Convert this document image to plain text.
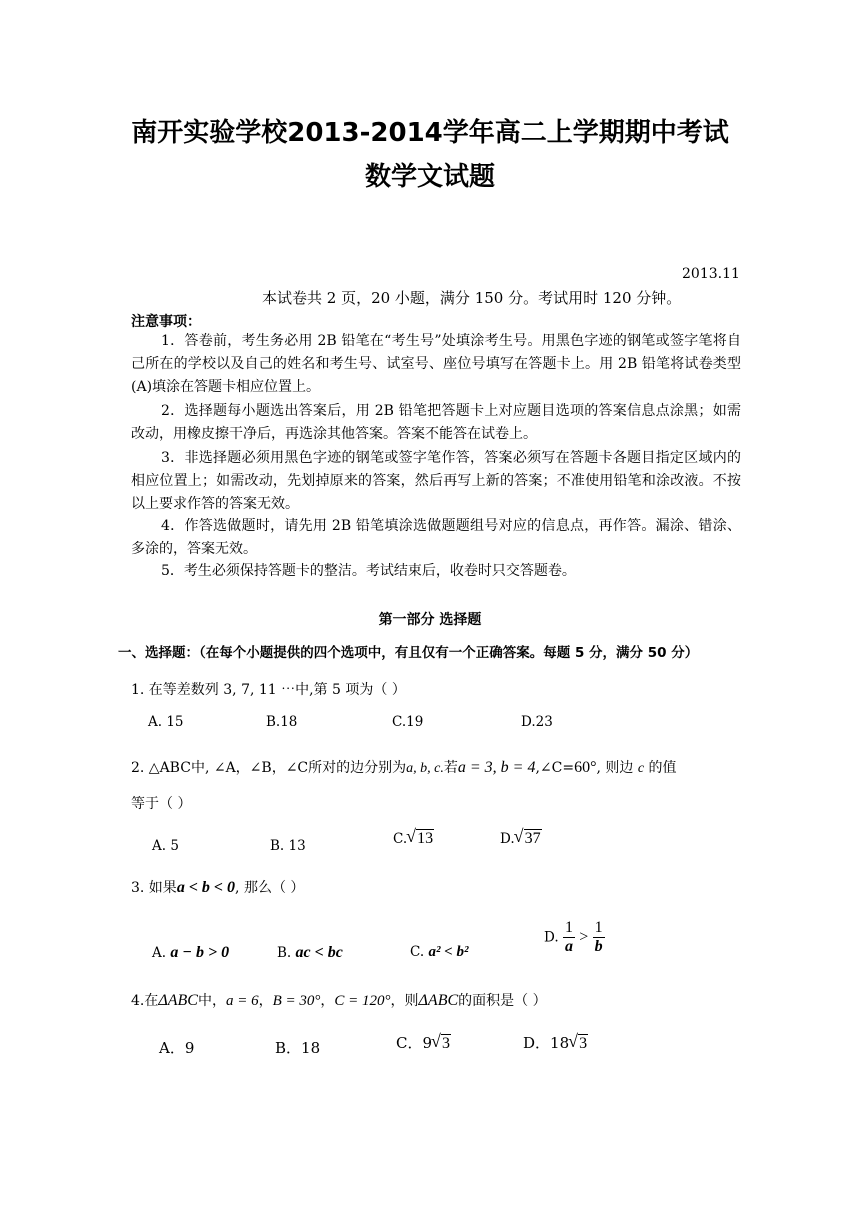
南开实验学校2013-2014学年高二上学期期中考试
数学文试题
2013.11
本试卷共 2 页，20 小题，满分 150 分。考试用时 120 分钟。
注意事项：
1．答卷前，考生务必用 2B 铅笔在“考生号”处填涂考生号。用黑色字迹的钢笔或签字笔将自己所在的学校以及自己的姓名和考生号、试室号、座位号填写在答题卡上。用 2B 铅笔将试卷类型(A)填涂在答题卡相应位置上。
2．选择题每小题选出答案后，用 2B 铅笔把答题卡上对应题目选项的答案信息点涂黑；如需改动，用橡皮擦干净后，再选涂其他答案。答案不能答在试卷上。
3．非选择题必须用黑色字迹的钢笔或签字笔作答，答案必须写在答题卡各题目指定区域内的相应位置上；如需改动，先划掉原来的答案，然后再写上新的答案；不准使用铅笔和涂改液。不按以上要求作答的答案无效。
4．作答选做题时，请先用 2B 铅笔填涂选做题题组号对应的信息点，再作答。漏涂、错涂、多涂的，答案无效。
5．考生必须保持答题卡的整洁。考试结束后，收卷时只交答题卷。
第一部分 选择题
一、选择题：（在每个小题提供的四个选项中，有且仅有一个正确答案。每题 5 分，满分 50 分）
1. 在等差数列 3, 7, 11 ⋯中,第 5 项为（ ）
A. 15	B.18	C.19	D.23
2. △ABC中, ∠A，∠B，∠C所对的边分别为a, b, c.若a = 3, b = 4,∠C=60°, 则边 c 的值
等于（ ）
A. 5	B. 13	C. √ 13	D. √ 37
3. 如果a < b < 0, 那么（ ）
A. a − b > 0	B. ac < bc	C. a² < b²
D. $\frac{1}{a} > \frac{1}{b}$
4.在ΔABC中，a = 6，B = 30°，C = 120°，则ΔABC的面积是（ ）
A．9	B．18	C．9 √ 3	D．18 √ 3
